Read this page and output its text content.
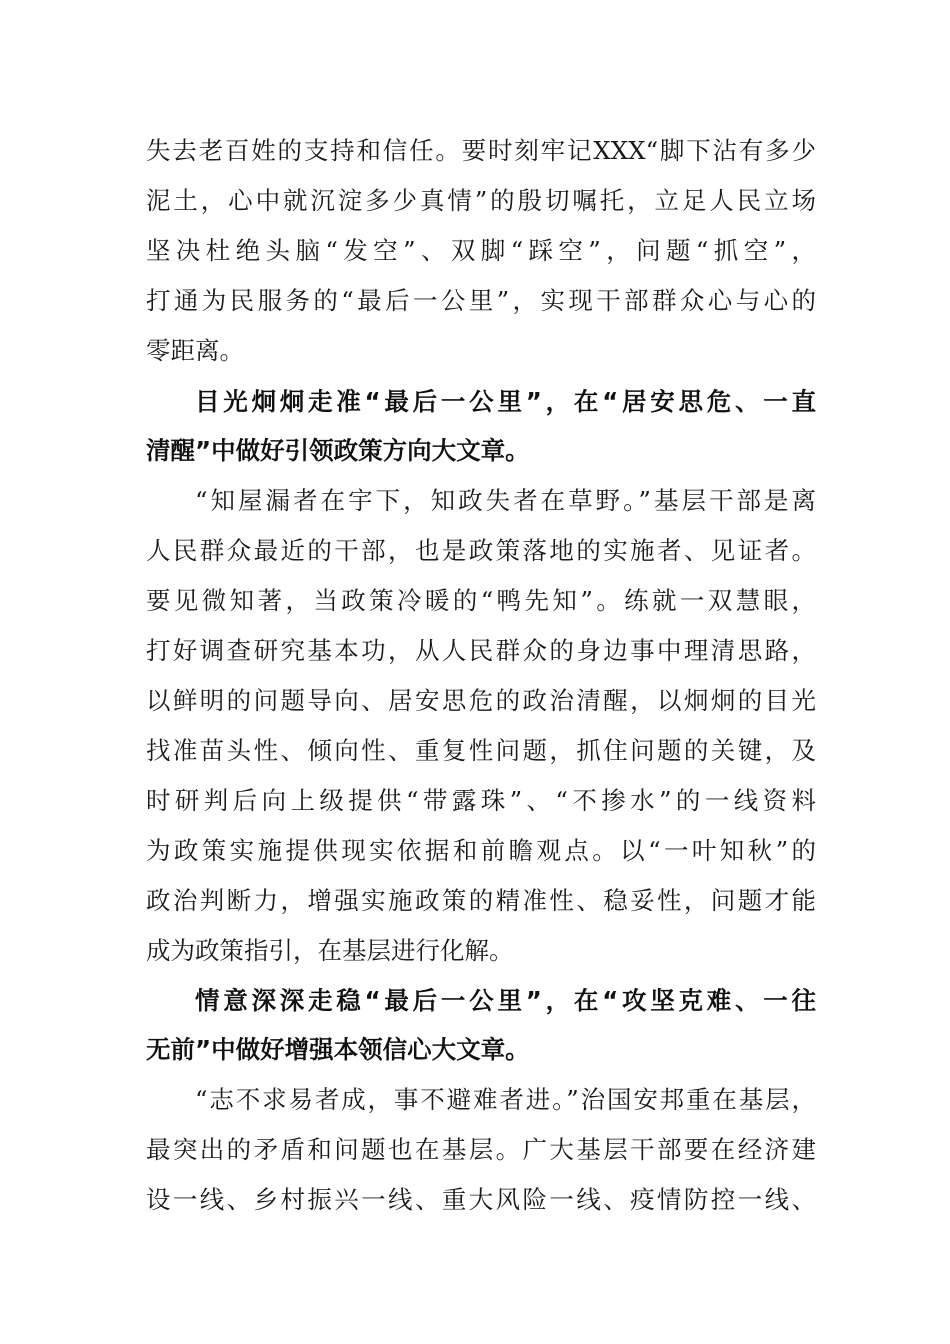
失去老百姓的支持和信任。要时刻牢记XXX“脚下沾有多少
泥土，心中就沉淀多少真情”的殷切嘱托，立足人民立场
坚决杜绝头脑“发空”、双脚“踩空”，问题“抓空”，
打通为民服务的“最后一公里”，实现干部群众心与心的
零距离。
目光炯炯走准“最后一公里”，在“居安思危、一直
清醒”中做好引领政策方向大文章。
“知屋漏者在宇下，知政失者在草野。”基层干部是离
人民群众最近的干部，也是政策落地的实施者、见证者。
要见微知著，当政策冷暖的“鸭先知”。练就一双慧眼，
打好调查研究基本功，从人民群众的身边事中理清思路，
以鲜明的问题导向、居安思危的政治清醒，以炯炯的目光
找准苗头性、倾向性、重复性问题，抓住问题的关键，及
时研判后向上级提供“带露珠”、“不掺水”的一线资料
为政策实施提供现实依据和前瞻观点。以“一叶知秋”的
政治判断力，增强实施政策的精准性、稳妥性，问题才能
成为政策指引，在基层进行化解。
情意深深走稳“最后一公里”，在“攻坚克难、一往
无前”中做好增强本领信心大文章。
“志不求易者成，事不避难者进。”治国安邦重在基层，
最突出的矛盾和问题也在基层。广大基层干部要在经济建
设一线、乡村振兴一线、重大风险一线、疫情防控一线、
